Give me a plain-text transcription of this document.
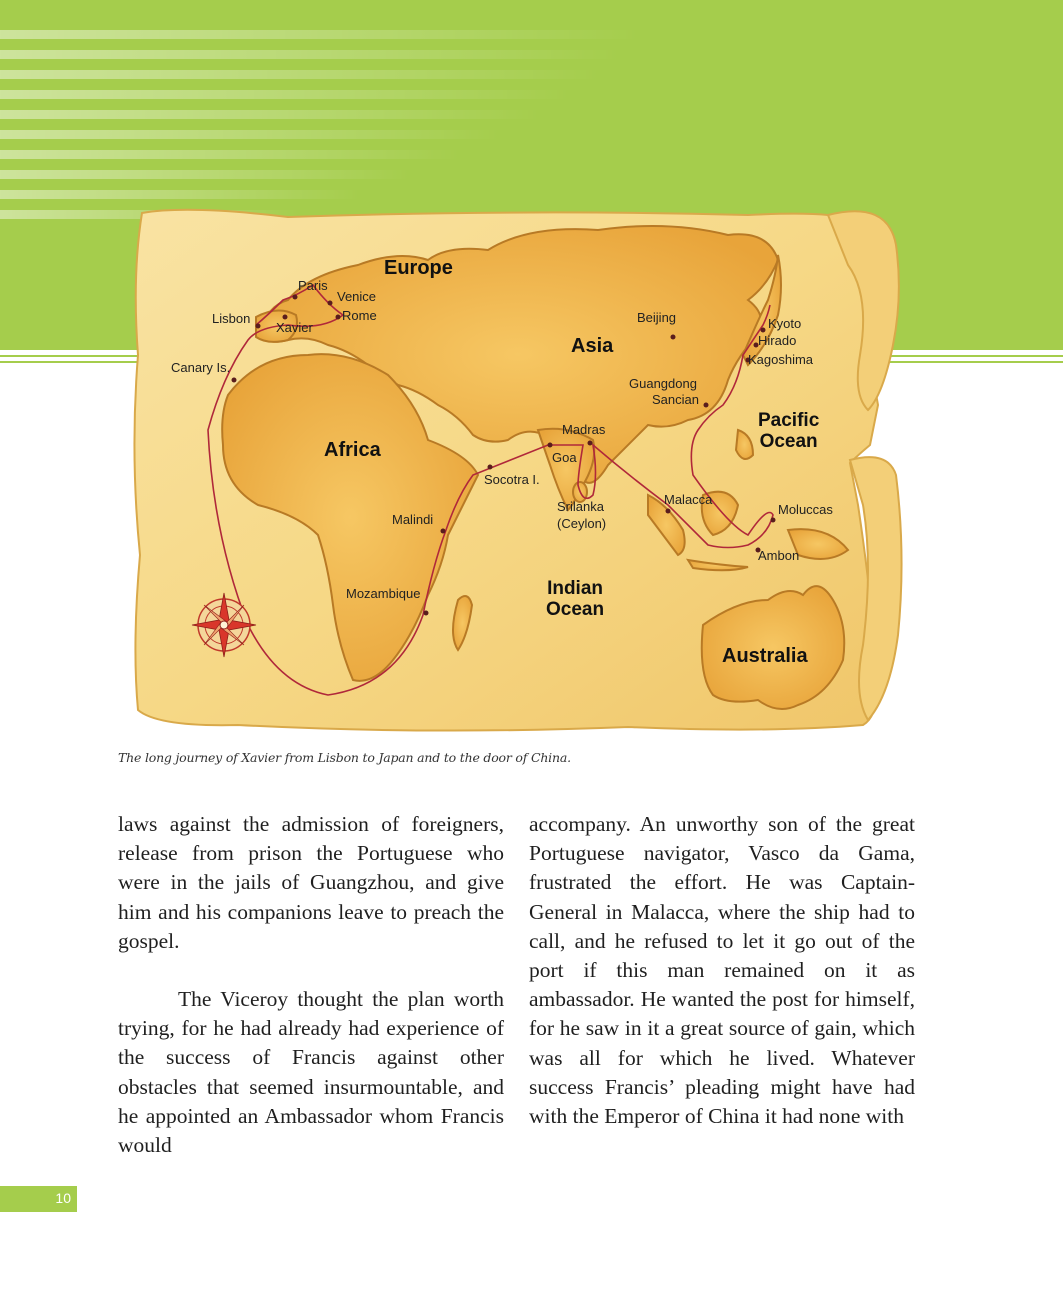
Europe
Asia
Africa
Australia
Pacific
Ocean
Indian
Ocean
Paris
Venice
Rome
Lisbon
Xavier
Canary Is.
Beijing	Kyoto
Hirado
Kagoshima
Guangdong
Sancian
Madras
Goa
Socotra I.
Srilanka
(Ceylon)
Malacca
Moluccas
Ambon
Malindi
Mozambique
The long journey of Xavier from Lisbon to Japan and to the door of China.

laws against the admission of foreigners, release from prison the Portuguese who were in the jails of Guangzhou, and give him and his companions leave to preach the gospel.

The Viceroy thought the plan worth trying, for he had already had experience of the success of Francis against other obstacles that seemed insurmountable, and he appointed an Ambassador whom Francis would

accompany. An unworthy son of the great Portuguese navigator, Vasco da Gama, frustrated the effort. He was Captain-General in Malacca, where the ship had to call, and he refused to let it go out of the port if this man remained on it as ambassador. He wanted the post for himself, for he saw in it a great source of gain, which was all for which he lived. Whatever success Francis’ pleading might have had with the Emperor of China it had none with

10
